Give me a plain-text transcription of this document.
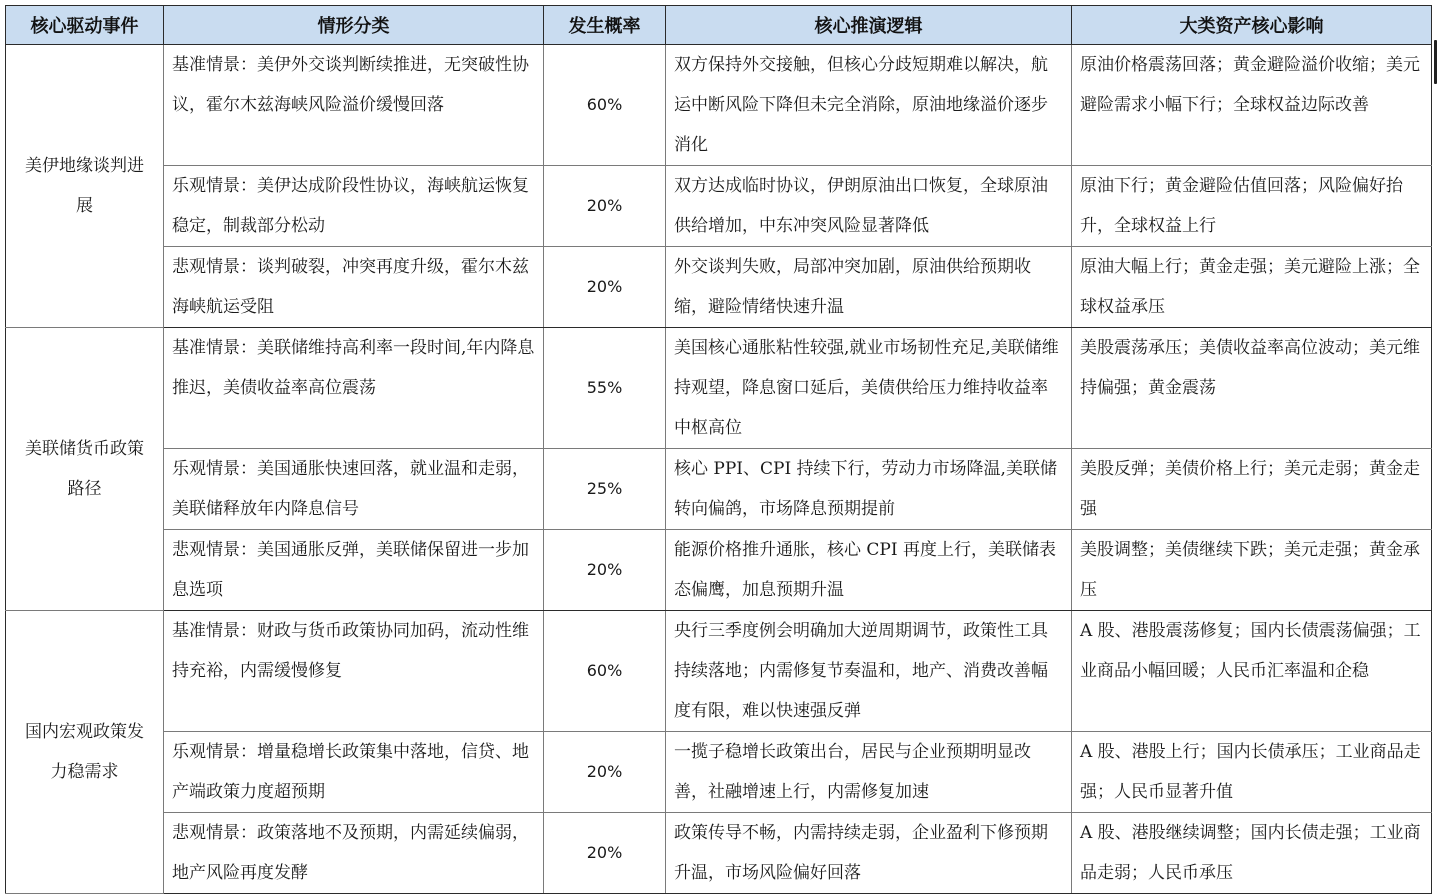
核心驱动事件	情形分类	发生概率	核心推演逻辑	大类资产核心影响
美伊地缘谈判进展	基准情景：美伊外交谈判断续推进，无突破性协议，霍尔木兹海峡风险溢价缓慢回落	60%	双方保持外交接触，但核心分歧短期难以解决，航运中断风险下降但未完全消除，原油地缘溢价逐步消化	原油价格震荡回落；黄金避险溢价收缩；美元避险需求小幅下行；全球权益边际改善
	乐观情景：美伊达成阶段性协议，海峡航运恢复稳定，制裁部分松动	20%	双方达成临时协议，伊朗原油出口恢复，全球原油供给增加，中东冲突风险显著降低	原油下行；黄金避险估值回落；风险偏好抬升，全球权益上行
	悲观情景：谈判破裂，冲突再度升级，霍尔木兹海峡航运受阻	20%	外交谈判失败，局部冲突加剧，原油供给预期收缩，避险情绪快速升温	原油大幅上行；黄金走强；美元避险上涨；全球权益承压
美联储货币政策路径	基准情景：美联储维持高利率一段时间,年内降息推迟，美债收益率高位震荡	55%	美国核心通胀粘性较强,就业市场韧性充足,美联储维持观望，降息窗口延后，美债供给压力维持收益率中枢高位	美股震荡承压；美债收益率高位波动；美元维持偏强；黄金震荡
	乐观情景：美国通胀快速回落，就业温和走弱，美联储释放年内降息信号	25%	核心 PPI、CPI 持续下行，劳动力市场降温,美联储转向偏鸽，市场降息预期提前	美股反弹；美债价格上行；美元走弱；黄金走强
	悲观情景：美国通胀反弹，美联储保留进一步加息选项	20%	能源价格推升通胀，核心 CPI 再度上行，美联储表态偏鹰，加息预期升温	美股调整；美债继续下跌；美元走强；黄金承压
国内宏观政策发力稳需求	基准情景：财政与货币政策协同加码，流动性维持充裕，内需缓慢修复	60%	央行三季度例会明确加大逆周期调节，政策性工具持续落地；内需修复节奏温和，地产、消费改善幅度有限，难以快速强反弹	A 股、港股震荡修复；国内长债震荡偏强；工业商品小幅回暖；人民币汇率温和企稳
	乐观情景：增量稳增长政策集中落地，信贷、地产端政策力度超预期	20%	一揽子稳增长政策出台，居民与企业预期明显改善，社融增速上行，内需修复加速	A 股、港股上行；国内长债承压；工业商品走强；人民币显著升值
	悲观情景：政策落地不及预期，内需延续偏弱，地产风险再度发酵	20%	政策传导不畅，内需持续走弱，企业盈利下修预期升温，市场风险偏好回落	A 股、港股继续调整；国内长债走强；工业商品走弱；人民币承压
